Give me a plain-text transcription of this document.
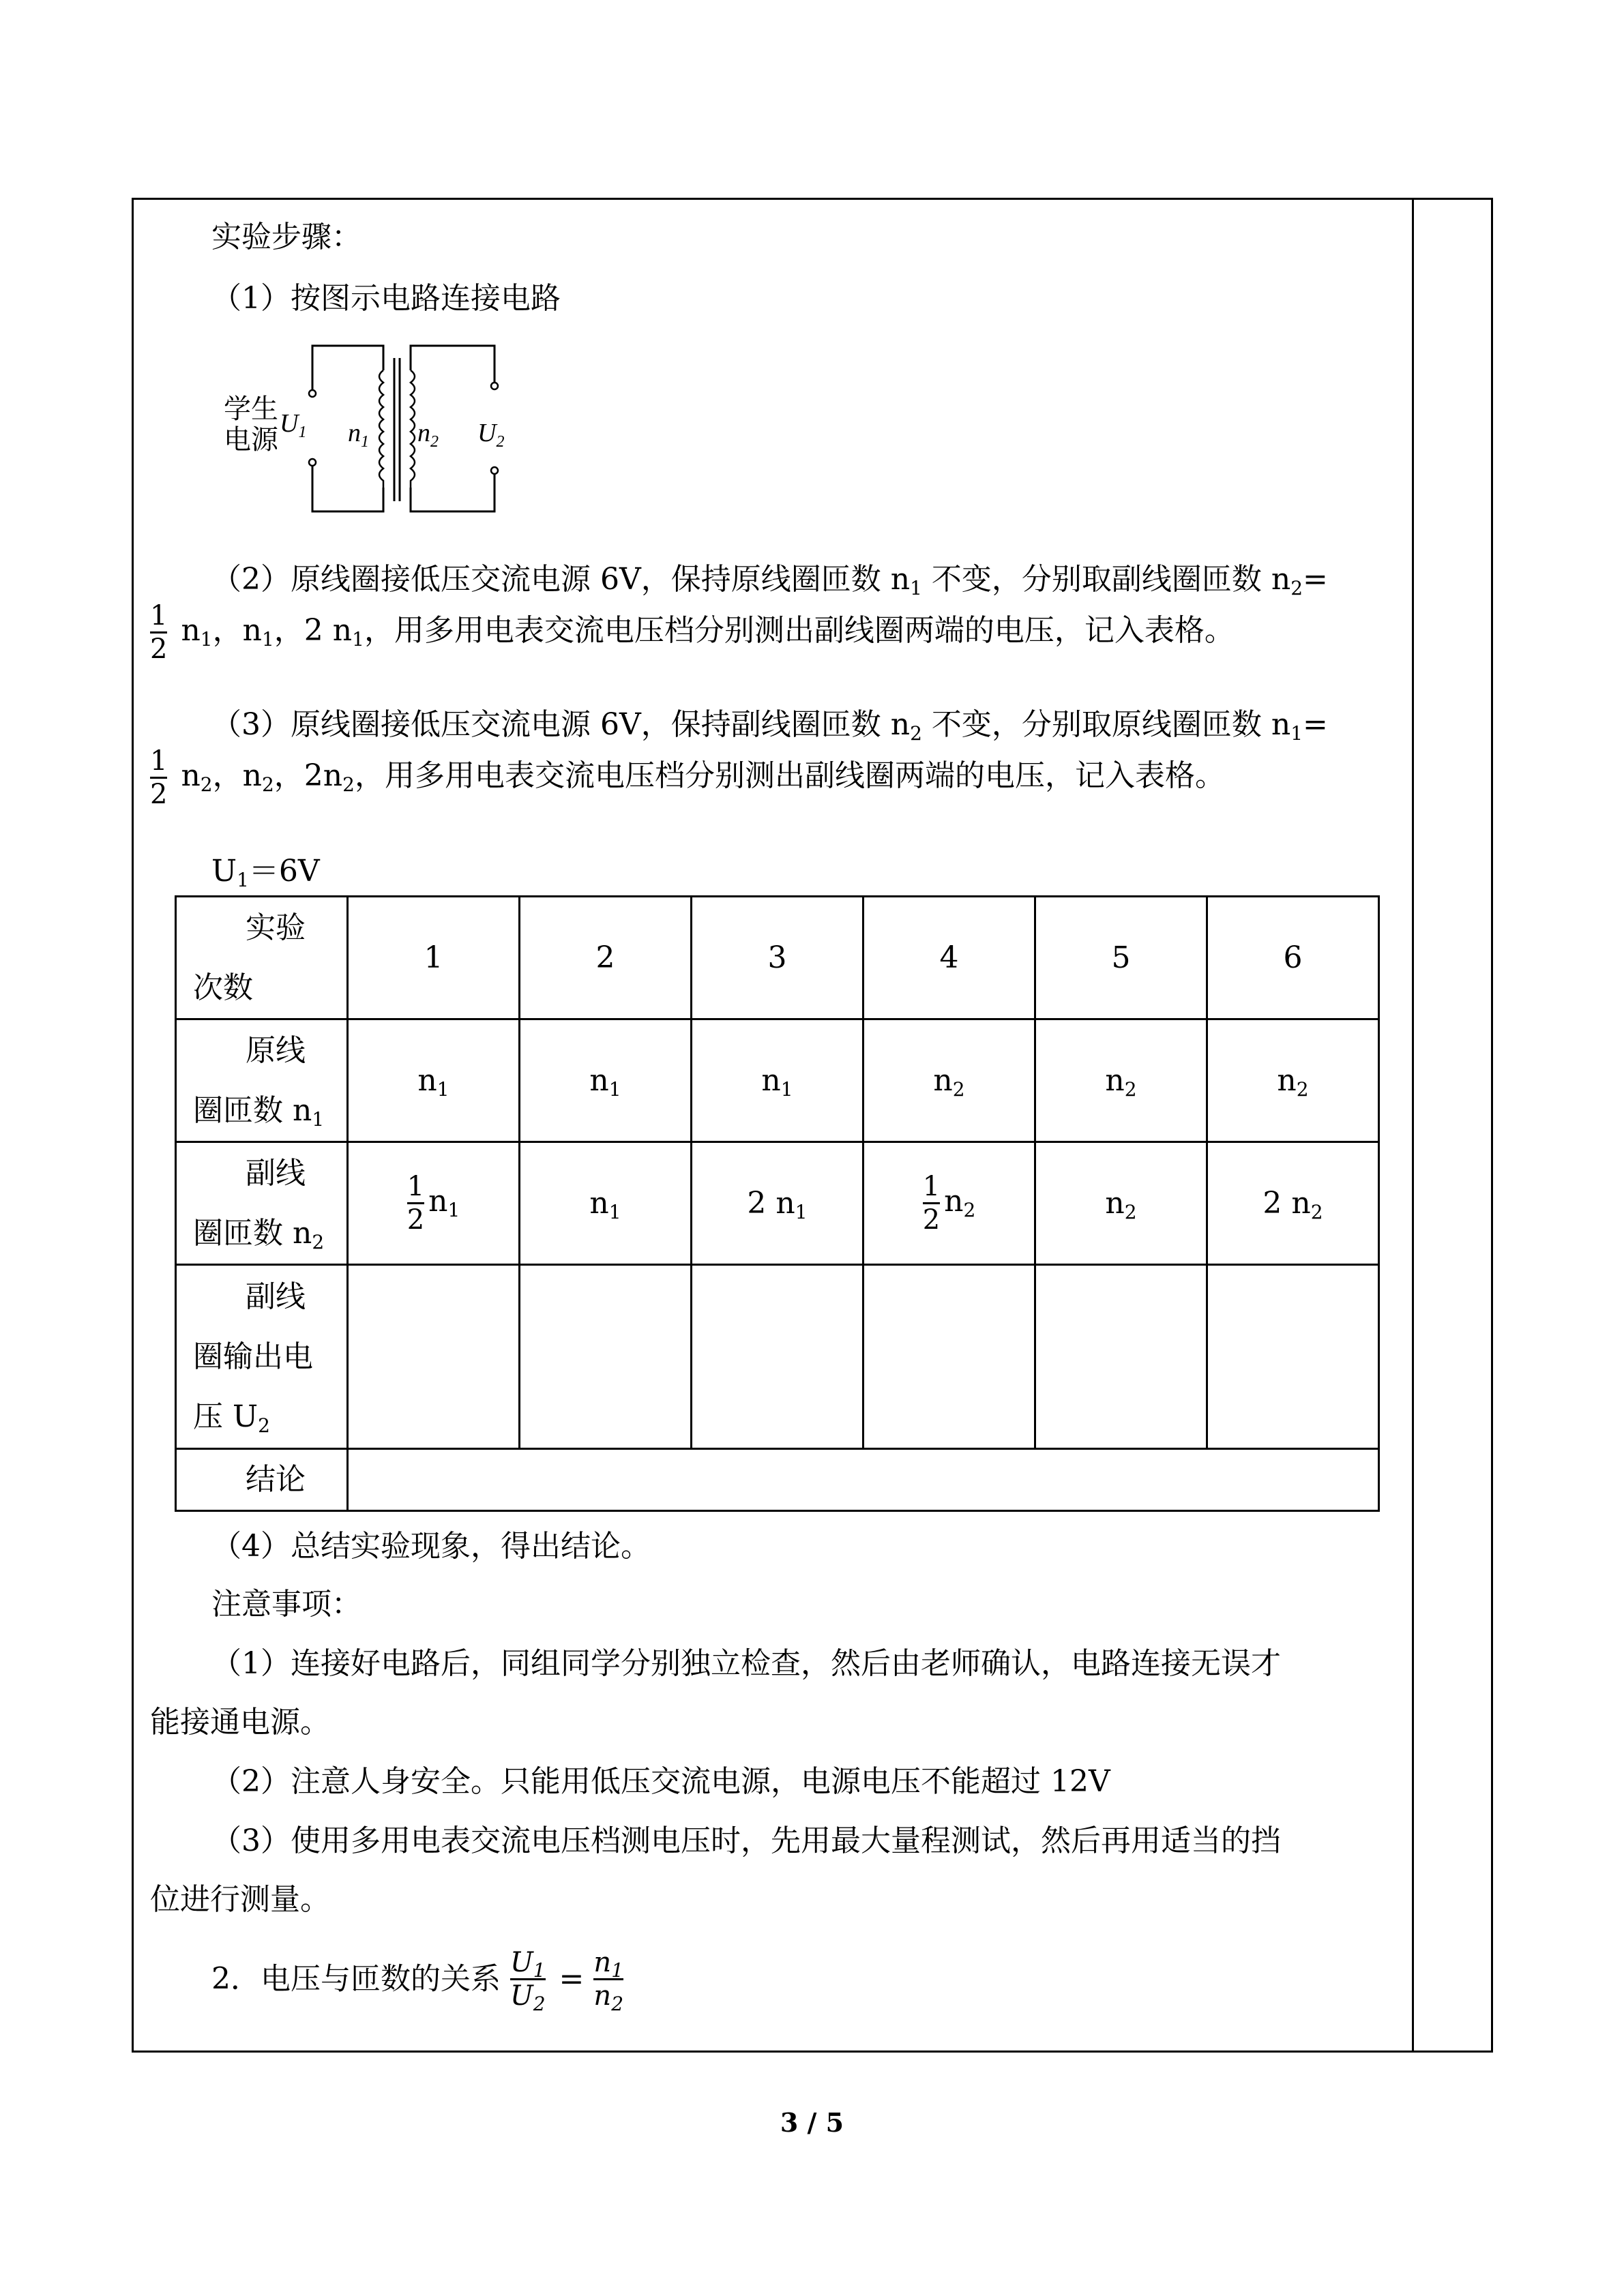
实验步骤：
（1）按图示电路连接电路
学生
电源
$U_1$ $n_1$ $n_2$ $U_2$
（2）原线圈接低压交流电源 6V，保持原线圈匝数 $n_1$ 不变，分别取副线圈匝数 $n_2=$
$\frac{1}{2} n_1$，$n_1$，2 $n_1$，用多用电表交流电压档分别测出副线圈两端的电压，记入表格。
（3）原线圈接低压交流电源 6V，保持副线圈匝数 $n_2$ 不变，分别取原线圈匝数 $n_1=$
$\frac{1}{2} n_2$，$n_2$，$2n_2$，用多用电表交流电压档分别测出副线圈两端的电压，记入表格。
$U_1=6V$
实验
次数	1	2	3	4	5	6

原线
圈匝数 $n_1$	$n_1$	$n_1$	$n_1$	$n_2$	$n_2$	$n_2$

副线
圈匝数 $n_2$	$\frac{1}{2} n_1$	$n_1$	2 $n_1$	$\frac{1}{2} n_2$	$n_2$	2 $n_2$

副线
圈输出电
压 $U_2$

结论						

（4）总结实验现象，得出结论。
注意事项：
（1）连接好电路后，同组同学分别独立检查，然后由老师确认，电路连接无误才
能接通电源。
（2）注意人身安全。只能用低压交流电源，电源电压不能超过 12V
（3）使用多用电表交流电压档测电压时，先用最大量程测试，然后再用适当的挡
位进行测量。
2．电压与匝数的关系 $\frac{U_1}{U_2} = \frac{n_1}{n_2}$
3 / 5
